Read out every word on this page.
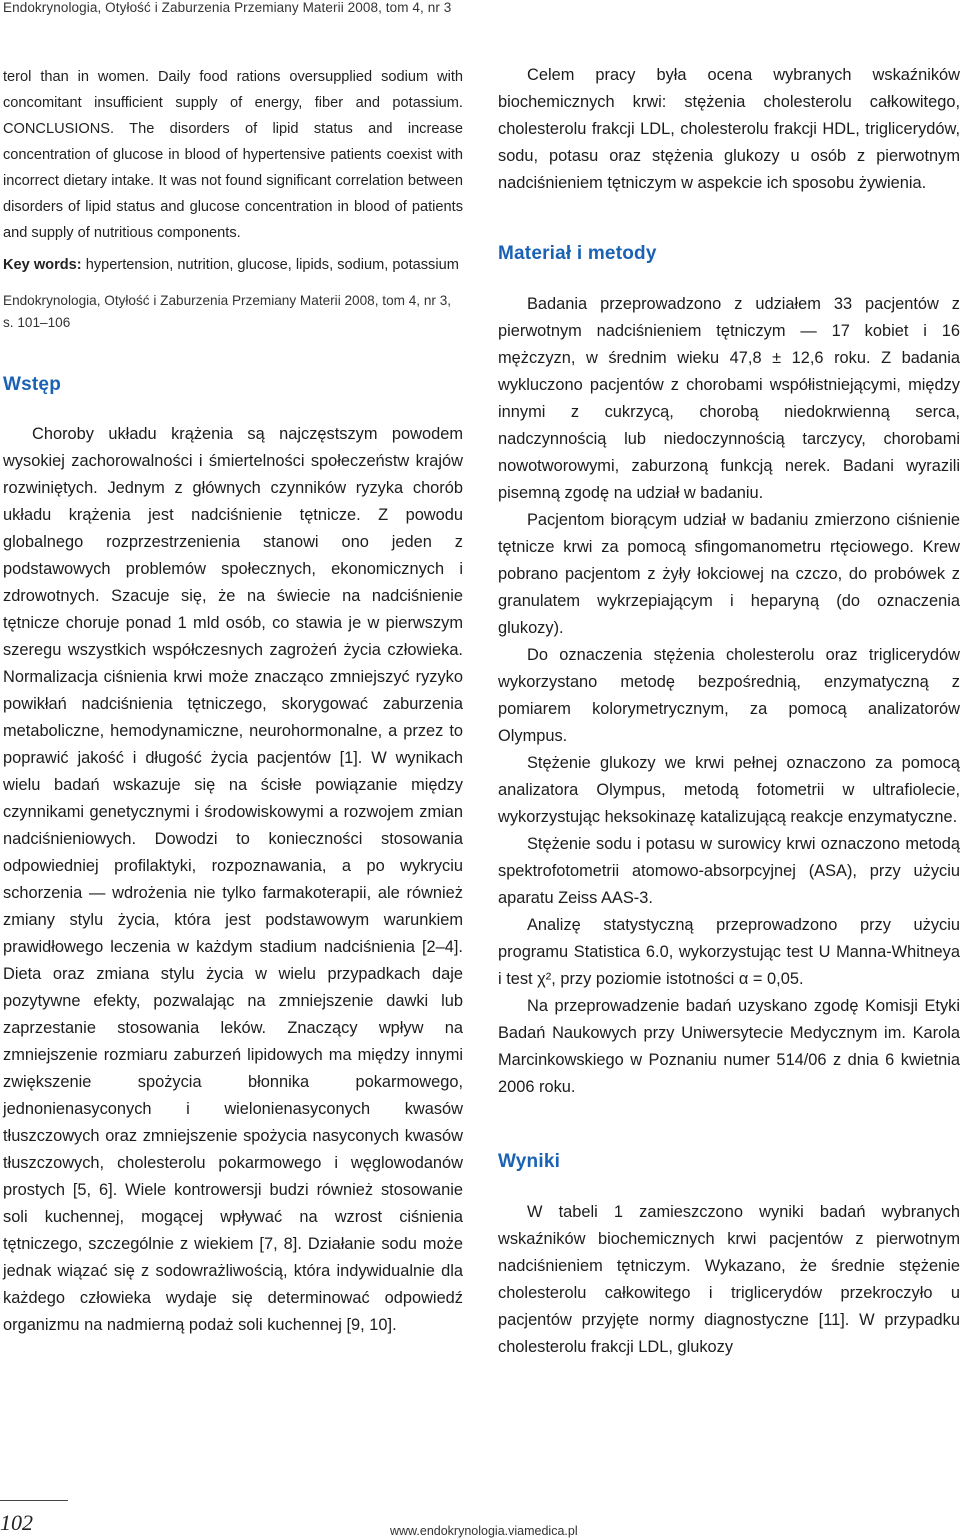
Endokrynologia, Otyłość i Zaburzenia Przemiany Materii 2008, tom 4, nr 3

terol than in women. Daily food rations oversupplied sodium with concomitant insufficient supply of energy, fiber and potassium. CONCLUSIONS. The disorders of lipid status and increase concentration of glucose in blood of hypertensive patients coexist with incorrect dietary intake. It was not found significant correlation between disorders of lipid status and glucose concentration in blood of patients and supply of nutritious components.

Key words: hypertension, nutrition, glucose, lipids, sodium, potassium

Endokrynologia, Otyłość i Zaburzenia Przemiany Materii 2008, tom 4, nr 3, s. 101–106
Wstęp

Choroby układu krążenia są najczęstszym powodem wysokiej zachorowalności i śmiertelności społeczeństw krajów rozwiniętych. Jednym z głównych czynników ryzyka chorób układu krążenia jest nadciśnienie tętnicze. Z powodu globalnego rozprzestrzenienia stanowi ono jeden z podstawowych problemów społecznych, ekonomicznych i zdrowotnych. Szacuje się, że na świecie na nadciśnienie tętnicze choruje ponad 1 mld osób, co stawia je w pierwszym szeregu wszystkich współczesnych zagrożeń życia człowieka. Normalizacja ciśnienia krwi może znacząco zmniejszyć ryzyko powikłań nadciśnienia tętniczego, skorygować zaburzenia metaboliczne, hemodynamiczne, neurohormonalne, a przez to poprawić jakość i długość życia pacjentów [1]. W wynikach wielu badań wskazuje się na ścisłe powiązanie między czynnikami genetycznymi i środowiskowymi a rozwojem zmian nadciśnieniowych. Dowodzi to konieczności stosowania odpowiedniej profilaktyki, rozpoznawania, a po wykryciu schorzenia — wdrożenia nie tylko farmakoterapii, ale również zmiany stylu życia, która jest podstawowym warunkiem prawidłowego leczenia w każdym stadium nadciśnienia [2–4]. Dieta oraz zmiana stylu życia w wielu przypadkach daje pozytywne efekty, pozwalając na zmniejszenie dawki lub zaprzestanie stosowania leków. Znaczący wpływ na zmniejszenie rozmiaru zaburzeń lipidowych ma między innymi zwiększenie spożycia błonnika pokarmowego, jednonienasyconych i wielonienasyconych kwasów tłuszczowych oraz zmniejszenie spożycia nasyconych kwasów tłuszczowych, cholesterolu pokarmowego i węglowodanów prostych [5, 6]. Wiele kontrowersji budzi również stosowanie soli kuchennej, mogącej wpływać na wzrost ciśnienia tętniczego, szczególnie z wiekiem [7, 8]. Działanie sodu może jednak wiązać się z sodowrażliwością, która indywidualnie dla każdego człowieka wydaje się determinować odpowiedź organizmu na nadmierną podaż soli kuchennej [9, 10].

Celem pracy była ocena wybranych wskaźników biochemicznych krwi: stężenia cholesterolu całkowitego, cholesterolu frakcji LDL, cholesterolu frakcji HDL, triglicerydów, sodu, potasu oraz stężenia glukozy u osób z pierwotnym nadciśnieniem tętniczym w aspekcie ich sposobu żywienia.

Materiał i metody

Badania przeprowadzono z udziałem 33 pacjentów z pierwotnym nadciśnieniem tętniczym — 17 kobiet i 16 mężczyzn, w średnim wieku 47,8 ± 12,6 roku. Z badania wykluczono pacjentów z chorobami współistniejącymi, między innymi z cukrzycą, chorobą niedokrwienną serca, nadczynnością lub niedoczynnością tarczycy, chorobami nowotworowymi, zaburzoną funkcją nerek. Badani wyrazili pisemną zgodę na udział w badaniu.

Pacjentom biorącym udział w badaniu zmierzono ciśnienie tętnicze krwi za pomocą sfingomanometru rtęciowego. Krew pobrano pacjentom z żyły łokciowej na czczo, do probówek z granulatem wykrzepiającym i heparyną (do oznaczenia glukozy).

Do oznaczenia stężenia cholesterolu oraz triglicerydów wykorzystano metodę bezpośrednią, enzymatyczną z pomiarem kolorymetrycznym, za pomocą analizatorów Olympus.

Stężenie glukozy we krwi pełnej oznaczono za pomocą analizatora Olympus, metodą fotometrii w ultrafiolecie, wykorzystując heksokinazę katalizującą reakcje enzymatyczne.

Stężenie sodu i potasu w surowicy krwi oznaczono metodą spektrofotometrii atomowo-absorpcyjnej (ASA), przy użyciu aparatu Zeiss AAS-3.

Analizę statystyczną przeprowadzono przy użyciu programu Statistica 6.0, wykorzystując test U Manna-Whitneya i test χ², przy poziomie istotności α = 0,05.

Na przeprowadzenie badań uzyskano zgodę Komisji Etyki Badań Naukowych przy Uniwersytecie Medycznym im. Karola Marcinkowskiego w Poznaniu numer 514/06 z dnia 6 kwietnia 2006 roku.

Wyniki

W tabeli 1 zamieszczono wyniki badań wybranych wskaźników biochemicznych krwi pacjentów z pierwotnym nadciśnieniem tętniczym. Wykazano, że średnie stężenie cholesterolu całkowitego i triglicerydów przekroczyło u pacjentów przyjęte normy diagnostyczne [11]. W przypadku cholesterolu frakcji LDL, glukozy

102	www.endokrynologia.viamedica.pl
